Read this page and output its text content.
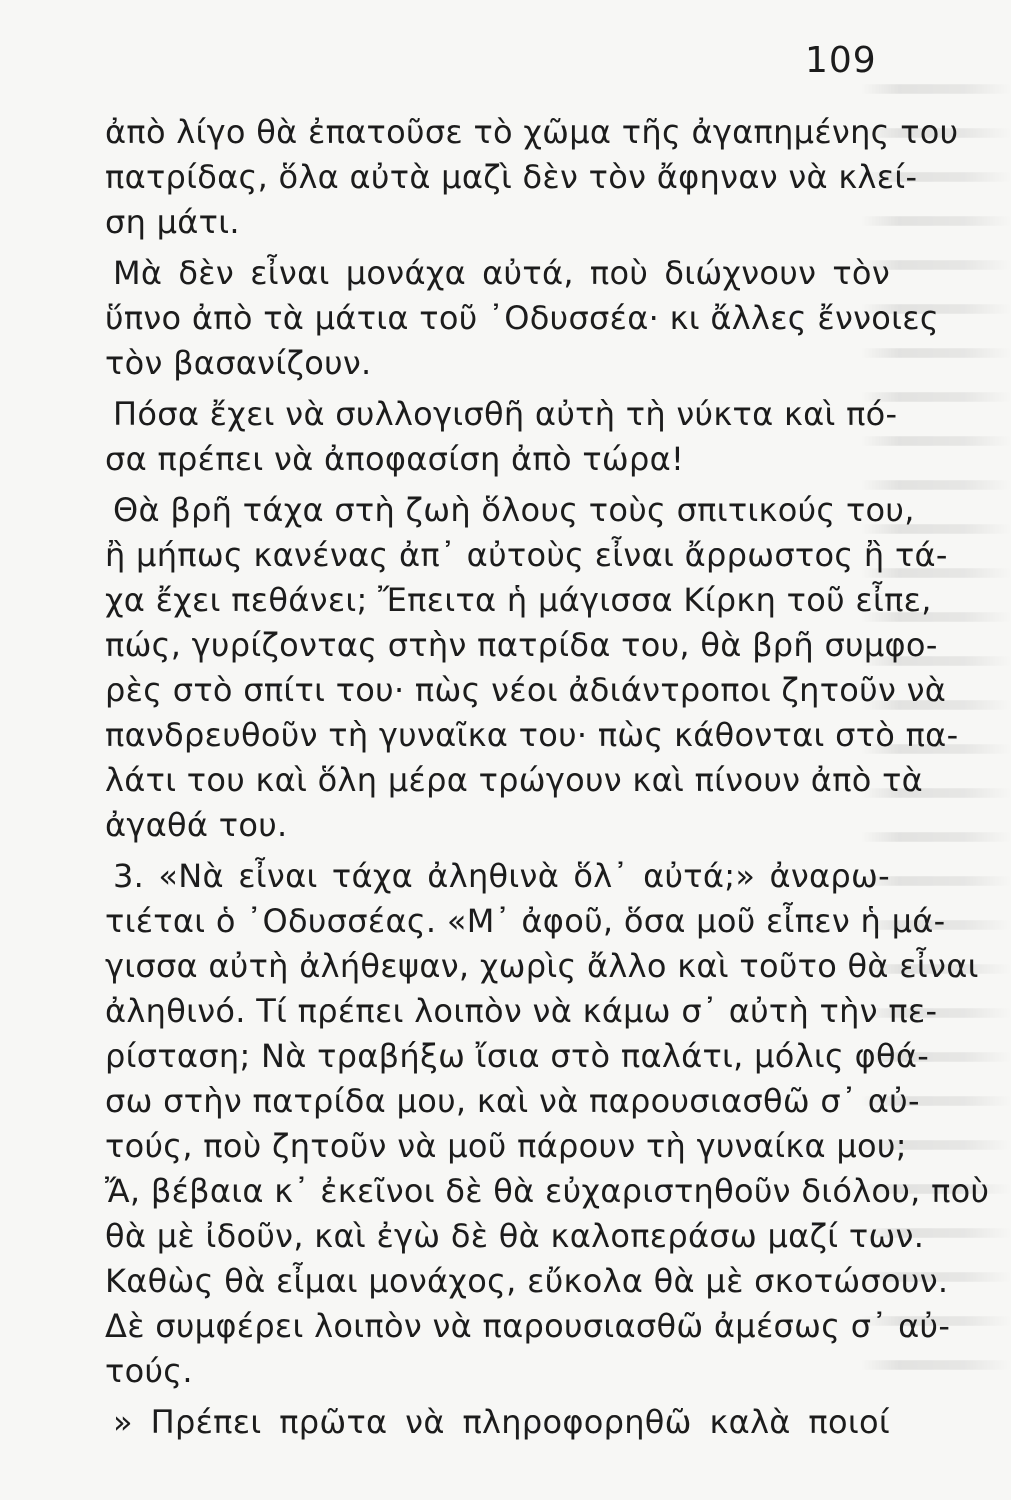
109
ἀπὸ λίγο θὰ ἐπατοῦσε τὸ χῶμα τῆς ἀγαπημένης του
πατρίδας, ὅλα αὐτὰ μαζὶ δὲν τὸν ἄφηναν νὰ κλεί-
ση μάτι.
Μὰ δὲν εἶναι μονάχα αὐτά, ποὺ διώχνουν τὸν
ὕπνο ἀπὸ τὰ μάτια τοῦ ᾿Οδυσσέα· κι ἄλλες ἔννοιες
τὸν βασανίζουν.
Πόσα ἔχει νὰ συλλογισθῆ αὐτὴ τὴ νύκτα καὶ πό-
σα πρέπει νὰ ἀποφασίση ἀπὸ τώρα!
Θὰ βρῆ τάχα στὴ ζωὴ ὅλους τοὺς σπιτικούς του,
ἢ μήπως κανένας ἀπ᾿ αὐτοὺς εἶναι ἄρρωστος ἢ τά-
χα ἔχει πεθάνει; Ἔπειτα ἡ μάγισσα Κίρκη τοῦ εἶπε,
πώς, γυρίζοντας στὴν πατρίδα του, θὰ βρῆ συμφο-
ρὲς στὸ σπίτι του· πὼς νέοι ἀδιάντροποι ζητοῦν νὰ
πανδρευθοῦν τὴ γυναῖκα του· πὼς κάθονται στὸ πα-
λάτι του καὶ ὅλη μέρα τρώγουν καὶ πίνουν ἀπὸ τὰ
ἀγαθά του.
3. «Νὰ εἶναι τάχα ἀληθινὰ ὅλ᾿ αὐτά;» ἀναρω-
τιέται ὁ ᾿Οδυσσέας. «Μ᾿ ἀφοῦ, ὅσα μοῦ εἶπεν ἡ μά-
γισσα αὐτὴ ἀλήθεψαν, χωρὶς ἄλλο καὶ τοῦτο θὰ εἶναι
ἀληθινό. Τί πρέπει λοιπὸν νὰ κάμω σ᾿ αὐτὴ τὴν πε-
ρίσταση; Νὰ τραβήξω ἴσια στὸ παλάτι, μόλις φθά-
σω στὴν πατρίδα μου, καὶ νὰ παρουσιασθῶ σ᾿ αὐ-
τούς, ποὺ ζητοῦν νὰ μοῦ πάρουν τὴ γυναίκα μου;
Ἄ, βέβαια κ᾿ ἐκεῖνοι δὲ θὰ εὐχαριστηθοῦν διόλου, ποὺ
θὰ μὲ ἰδοῦν, καὶ ἐγὼ δὲ θὰ καλοπεράσω μαζί των.
Καθὼς θὰ εἶμαι μονάχος, εὔκολα θὰ μὲ σκοτώσουν.
Δὲ συμφέρει λοιπὸν νὰ παρουσιασθῶ ἀμέσως σ᾿ αὐ-
τούς.
» Πρέπει πρῶτα νὰ πληροφορηθῶ καλὰ ποιοί
